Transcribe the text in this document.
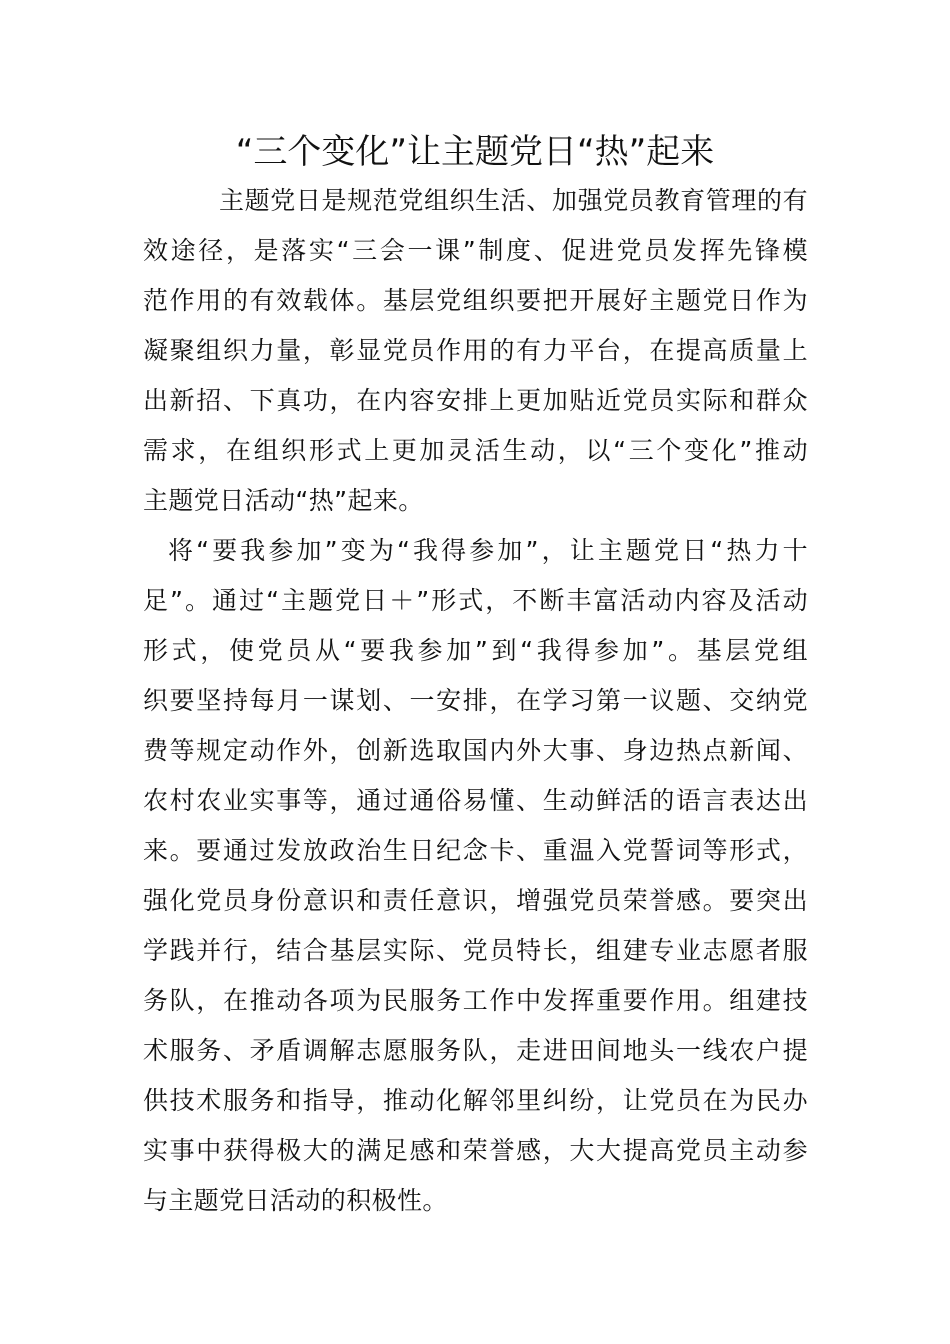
“三个变化”让主题党日“热”起来
主题党日是规范党组织生活、加强党员教育管理的有
效途径，是落实“三会一课”制度、促进党员发挥先锋模
范作用的有效载体。基层党组织要把开展好主题党日作为
凝聚组织力量，彰显党员作用的有力平台，在提高质量上
出新招、下真功，在内容安排上更加贴近党员实际和群众
需求，在组织形式上更加灵活生动，以“三个变化”推动
主题党日活动“热”起来。
将“要我参加”变为“我得参加”，让主题党日“热力十
足”。通过“主题党日＋”形式，不断丰富活动内容及活动
形式，使党员从“要我参加”到“我得参加”。基层党组
织要坚持每月一谋划、一安排，在学习第一议题、交纳党
费等规定动作外，创新选取国内外大事、身边热点新闻、
农村农业实事等，通过通俗易懂、生动鲜活的语言表达出
来。要通过发放政治生日纪念卡、重温入党誓词等形式，
强化党员身份意识和责任意识，增强党员荣誉感。要突出
学践并行，结合基层实际、党员特长，组建专业志愿者服
务队，在推动各项为民服务工作中发挥重要作用。组建技
术服务、矛盾调解志愿服务队，走进田间地头一线农户提
供技术服务和指导，推动化解邻里纠纷，让党员在为民办
实事中获得极大的满足感和荣誉感，大大提高党员主动参
与主题党日活动的积极性。
